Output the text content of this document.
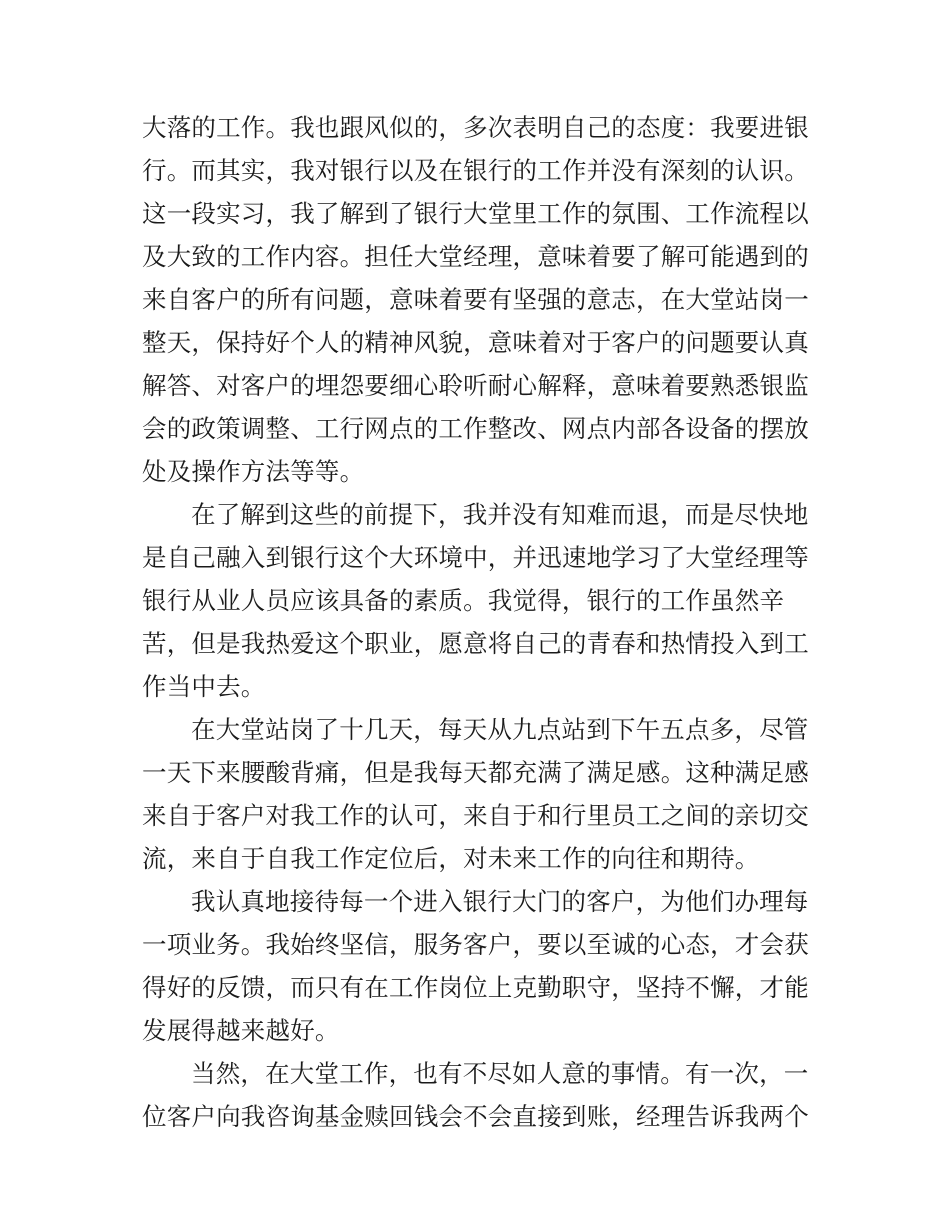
大落的工作。我也跟风似的，多次表明自己的态度：我要进银
行。而其实，我对银行以及在银行的工作并没有深刻的认识。
这一段实习，我了解到了银行大堂里工作的氛围、工作流程以
及大致的工作内容。担任大堂经理，意味着要了解可能遇到的
来自客户的所有问题，意味着要有坚强的意志，在大堂站岗一
整天，保持好个人的精神风貌，意味着对于客户的问题要认真
解答、对客户的埋怨要细心聆听耐心解释，意味着要熟悉银监
会的政策调整、工行网点的工作整改、网点内部各设备的摆放
处及操作方法等等。
在了解到这些的前提下，我并没有知难而退，而是尽快地
是自己融入到银行这个大环境中，并迅速地学习了大堂经理等
银行从业人员应该具备的素质。我觉得，银行的工作虽然辛
苦，但是我热爱这个职业，愿意将自己的青春和热情投入到工
作当中去。
在大堂站岗了十几天，每天从九点站到下午五点多，尽管
一天下来腰酸背痛，但是我每天都充满了满足感。这种满足感
来自于客户对我工作的认可，来自于和行里员工之间的亲切交
流，来自于自我工作定位后，对未来工作的向往和期待。
我认真地接待每一个进入银行大门的客户，为他们办理每
一项业务。我始终坚信，服务客户，要以至诚的心态，才会获
得好的反馈，而只有在工作岗位上克勤职守，坚持不懈，才能
发展得越来越好。
当然，在大堂工作，也有不尽如人意的事情。有一次，一
位客户向我咨询基金赎回钱会不会直接到账，经理告诉我两个
